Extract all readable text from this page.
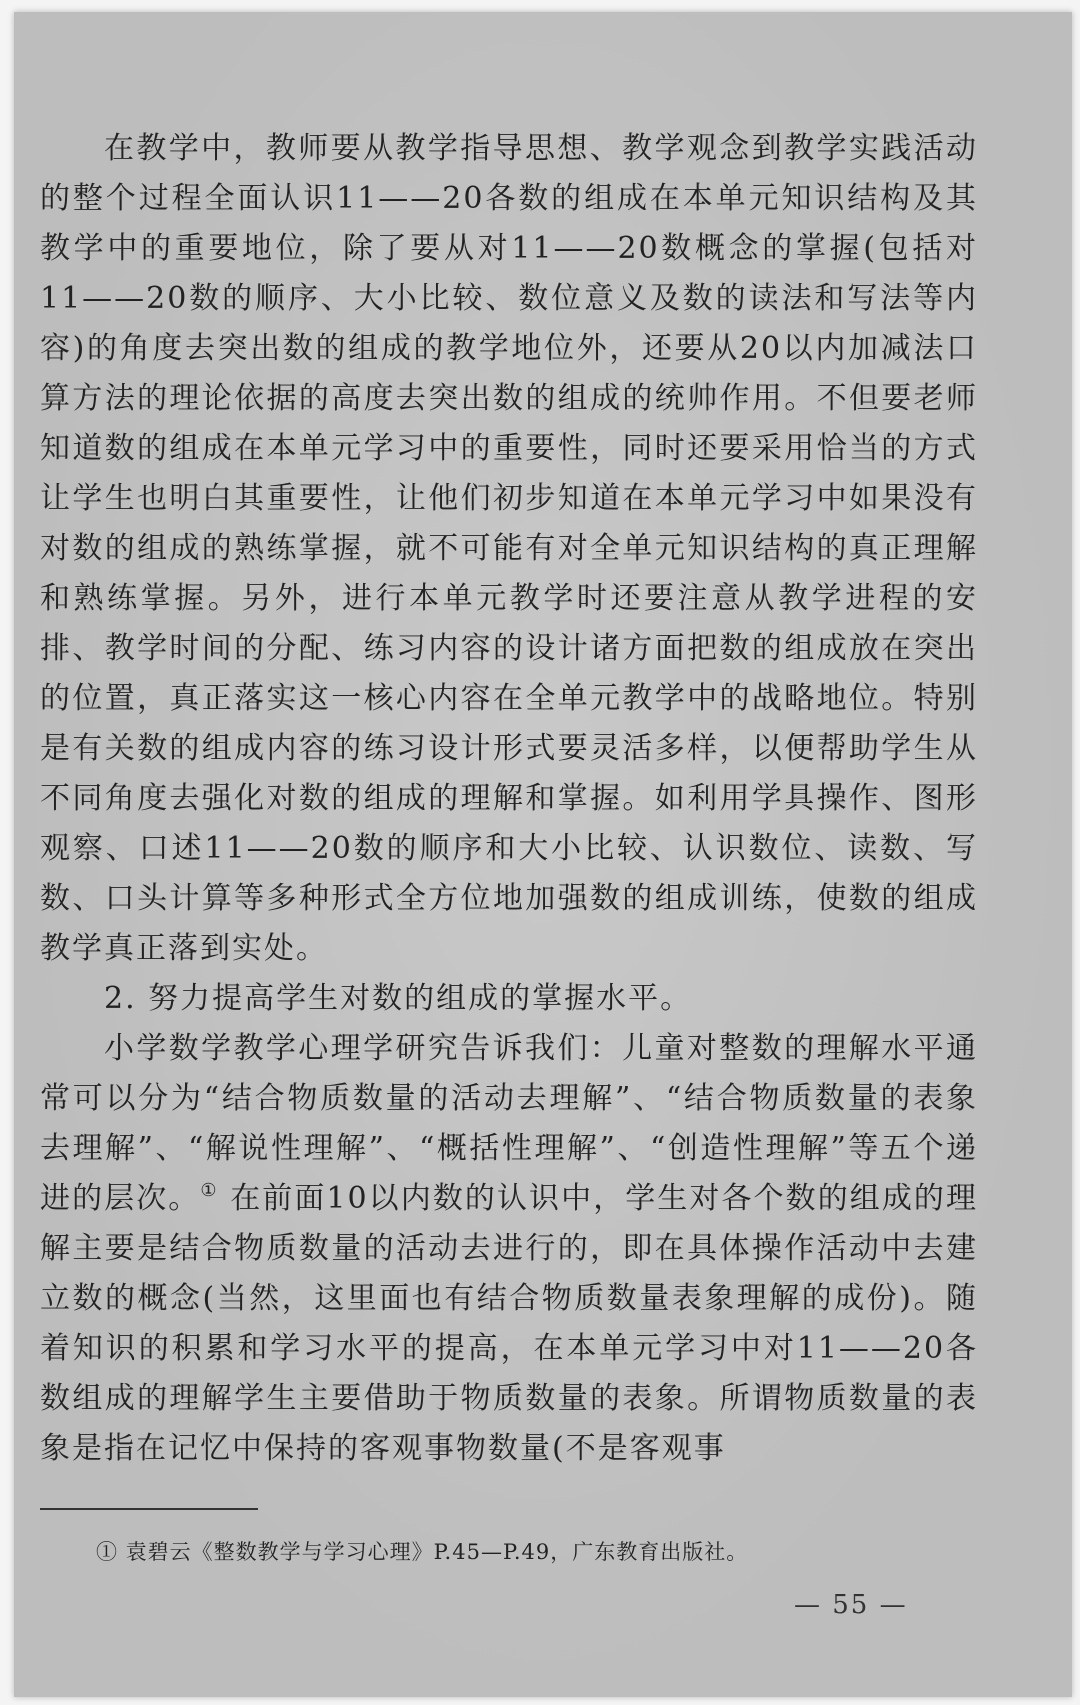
在教学中，教师要从教学指导思想、教学观念到教学实践活动的整个过程全面认识11——20各数的组成在本单元知识结构及其教学中的重要地位，除了要从对11——20数概念的掌握(包括对11——20数的顺序、大小比较、数位意义及数的读法和写法等内容)的角度去突出数的组成的教学地位外，还要从20以内加减法口算方法的理论依据的高度去突出数的组成的统帅作用。不但要老师知道数的组成在本单元学习中的重要性，同时还要采用恰当的方式让学生也明白其重要性，让他们初步知道在本单元学习中如果没有对数的组成的熟练掌握，就不可能有对全单元知识结构的真正理解和熟练掌握。另外，进行本单元教学时还要注意从教学进程的安排、教学时间的分配、练习内容的设计诸方面把数的组成放在突出的位置，真正落实这一核心内容在全单元教学中的战略地位。特别是有关数的组成内容的练习设计形式要灵活多样，以便帮助学生从不同角度去强化对数的组成的理解和掌握。如利用学具操作、图形观察、口述11——20数的顺序和大小比较、认识数位、读数、写数、口头计算等多种形式全方位地加强数的组成训练，使数的组成教学真正落到实处。

2. 努力提高学生对数的组成的掌握水平。

小学数学教学心理学研究告诉我们：儿童对整数的理解水平通常可以分为“结合物质数量的活动去理解”、“结合物质数量的表象去理解”、“解说性理解”、“概括性理解”、“创造性理解”等五个递进的层次。① 在前面10以内数的认识中，学生对各个数的组成的理解主要是结合物质数量的活动去进行的，即在具体操作活动中去建立数的概念(当然，这里面也有结合物质数量表象理解的成份)。随着知识的积累和学习水平的提高，在本单元学习中对11——20各数组成的理解学生主要借助于物质数量的表象。所谓物质数量的表象是指在记忆中保持的客观事物数量(不是客观事

① 袁碧云《整数教学与学习心理》P.45—P.49，广东教育出版社。
— 55 —
